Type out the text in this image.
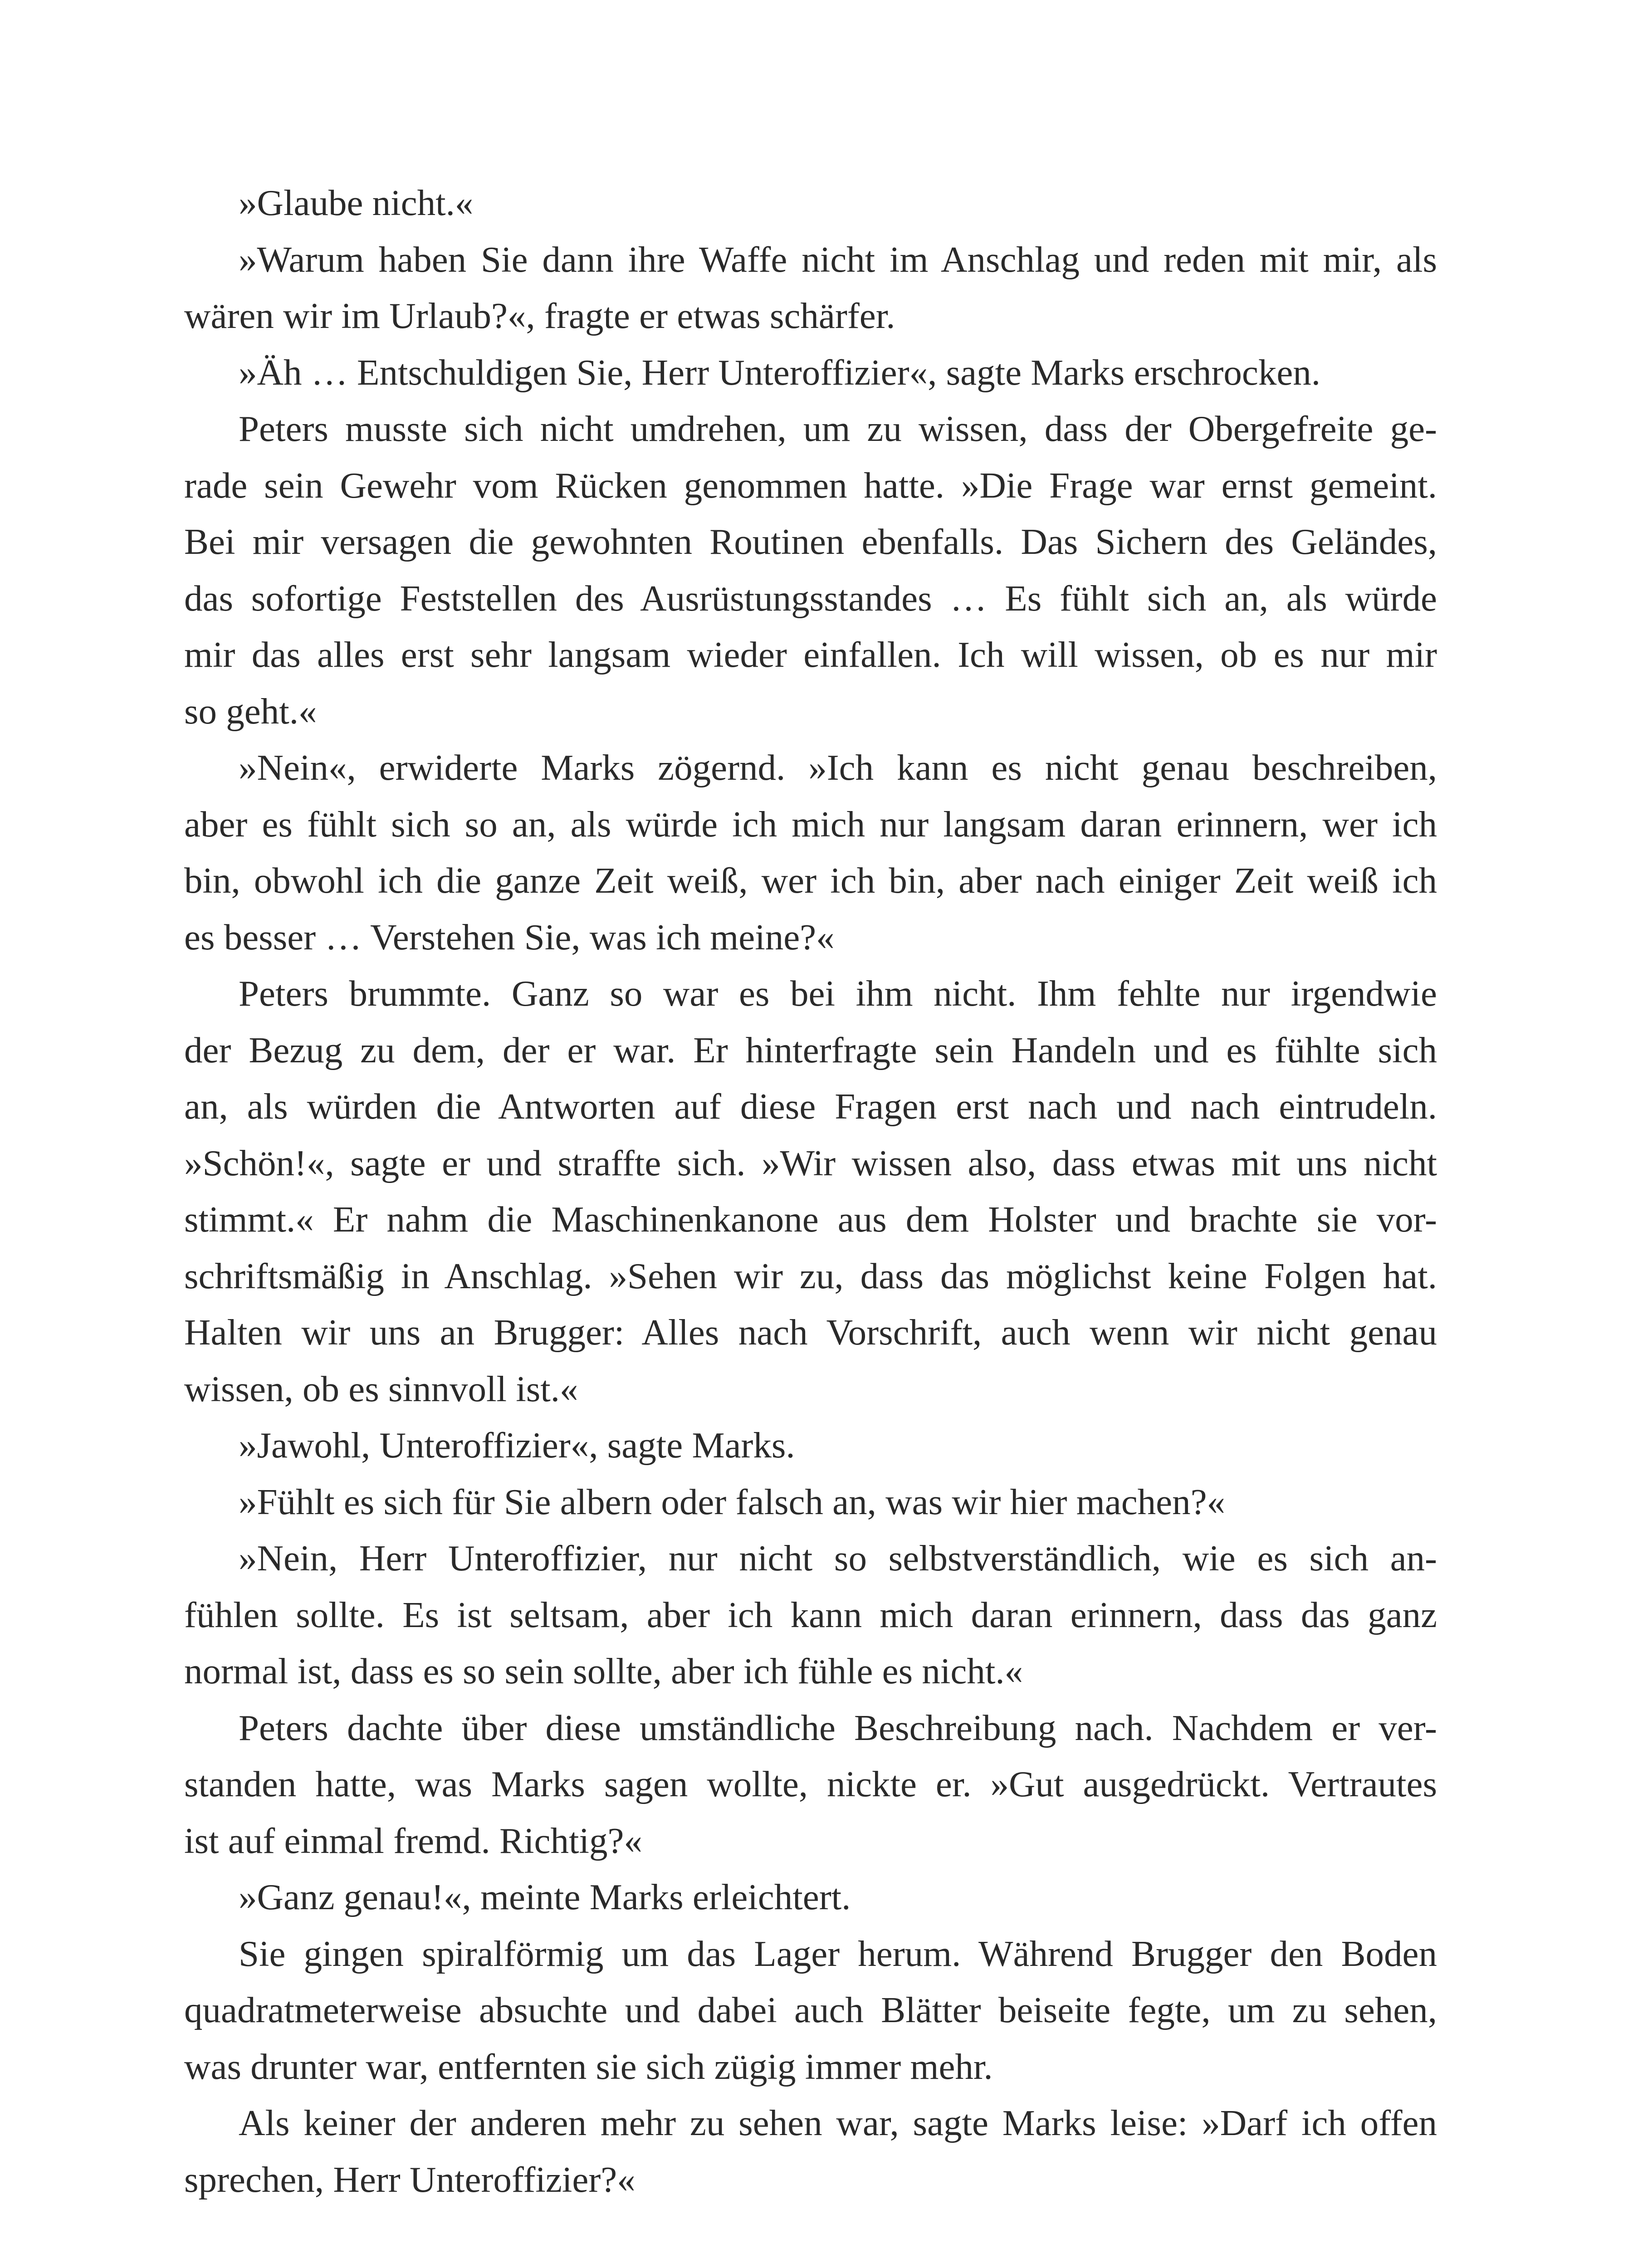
»Glaube nicht.«
»Warum haben Sie dann ihre Waffe nicht im Anschlag und reden mit mir, als
wären wir im Urlaub?«, fragte er etwas schärfer.
»Äh … Entschuldigen Sie, Herr Unteroffizier«, sagte Marks erschrocken.
Peters musste sich nicht umdrehen, um zu wissen, dass der Obergefreite ge-
rade sein Gewehr vom Rücken genommen hatte. »Die Frage war ernst gemeint.
Bei mir versagen die gewohnten Routinen ebenfalls. Das Sichern des Geländes,
das sofortige Feststellen des Ausrüstungsstandes … Es fühlt sich an, als würde
mir das alles erst sehr langsam wieder einfallen. Ich will wissen, ob es nur mir
so geht.«
»Nein«, erwiderte Marks zögernd. »Ich kann es nicht genau beschreiben,
aber es fühlt sich so an, als würde ich mich nur langsam daran erinnern, wer ich
bin, obwohl ich die ganze Zeit weiß, wer ich bin, aber nach einiger Zeit weiß ich
es besser … Verstehen Sie, was ich meine?«
Peters brummte. Ganz so war es bei ihm nicht. Ihm fehlte nur irgendwie
der Bezug zu dem, der er war. Er hinterfragte sein Handeln und es fühlte sich
an, als würden die Antworten auf diese Fragen erst nach und nach eintrudeln.
»Schön!«, sagte er und straffte sich. »Wir wissen also, dass etwas mit uns nicht
stimmt.« Er nahm die Maschinenkanone aus dem Holster und brachte sie vor-
schriftsmäßig in Anschlag. »Sehen wir zu, dass das möglichst keine Folgen hat.
Halten wir uns an Brugger: Alles nach Vorschrift, auch wenn wir nicht genau
wissen, ob es sinnvoll ist.«
»Jawohl, Unteroffizier«, sagte Marks.
»Fühlt es sich für Sie albern oder falsch an, was wir hier machen?«
»Nein, Herr Unteroffizier, nur nicht so selbstverständlich, wie es sich an-
fühlen sollte. Es ist seltsam, aber ich kann mich daran erinnern, dass das ganz
normal ist, dass es so sein sollte, aber ich fühle es nicht.«
Peters dachte über diese umständliche Beschreibung nach. Nachdem er ver-
standen hatte, was Marks sagen wollte, nickte er. »Gut ausgedrückt. Vertrautes
ist auf einmal fremd. Richtig?«
»Ganz genau!«, meinte Marks erleichtert.
Sie gingen spiralförmig um das Lager herum. Während Brugger den Boden
quadratmeterweise absuchte und dabei auch Blätter beiseite fegte, um zu sehen,
was drunter war, entfernten sie sich zügig immer mehr.
Als keiner der anderen mehr zu sehen war, sagte Marks leise: »Darf ich offen
sprechen, Herr Unteroffizier?«
